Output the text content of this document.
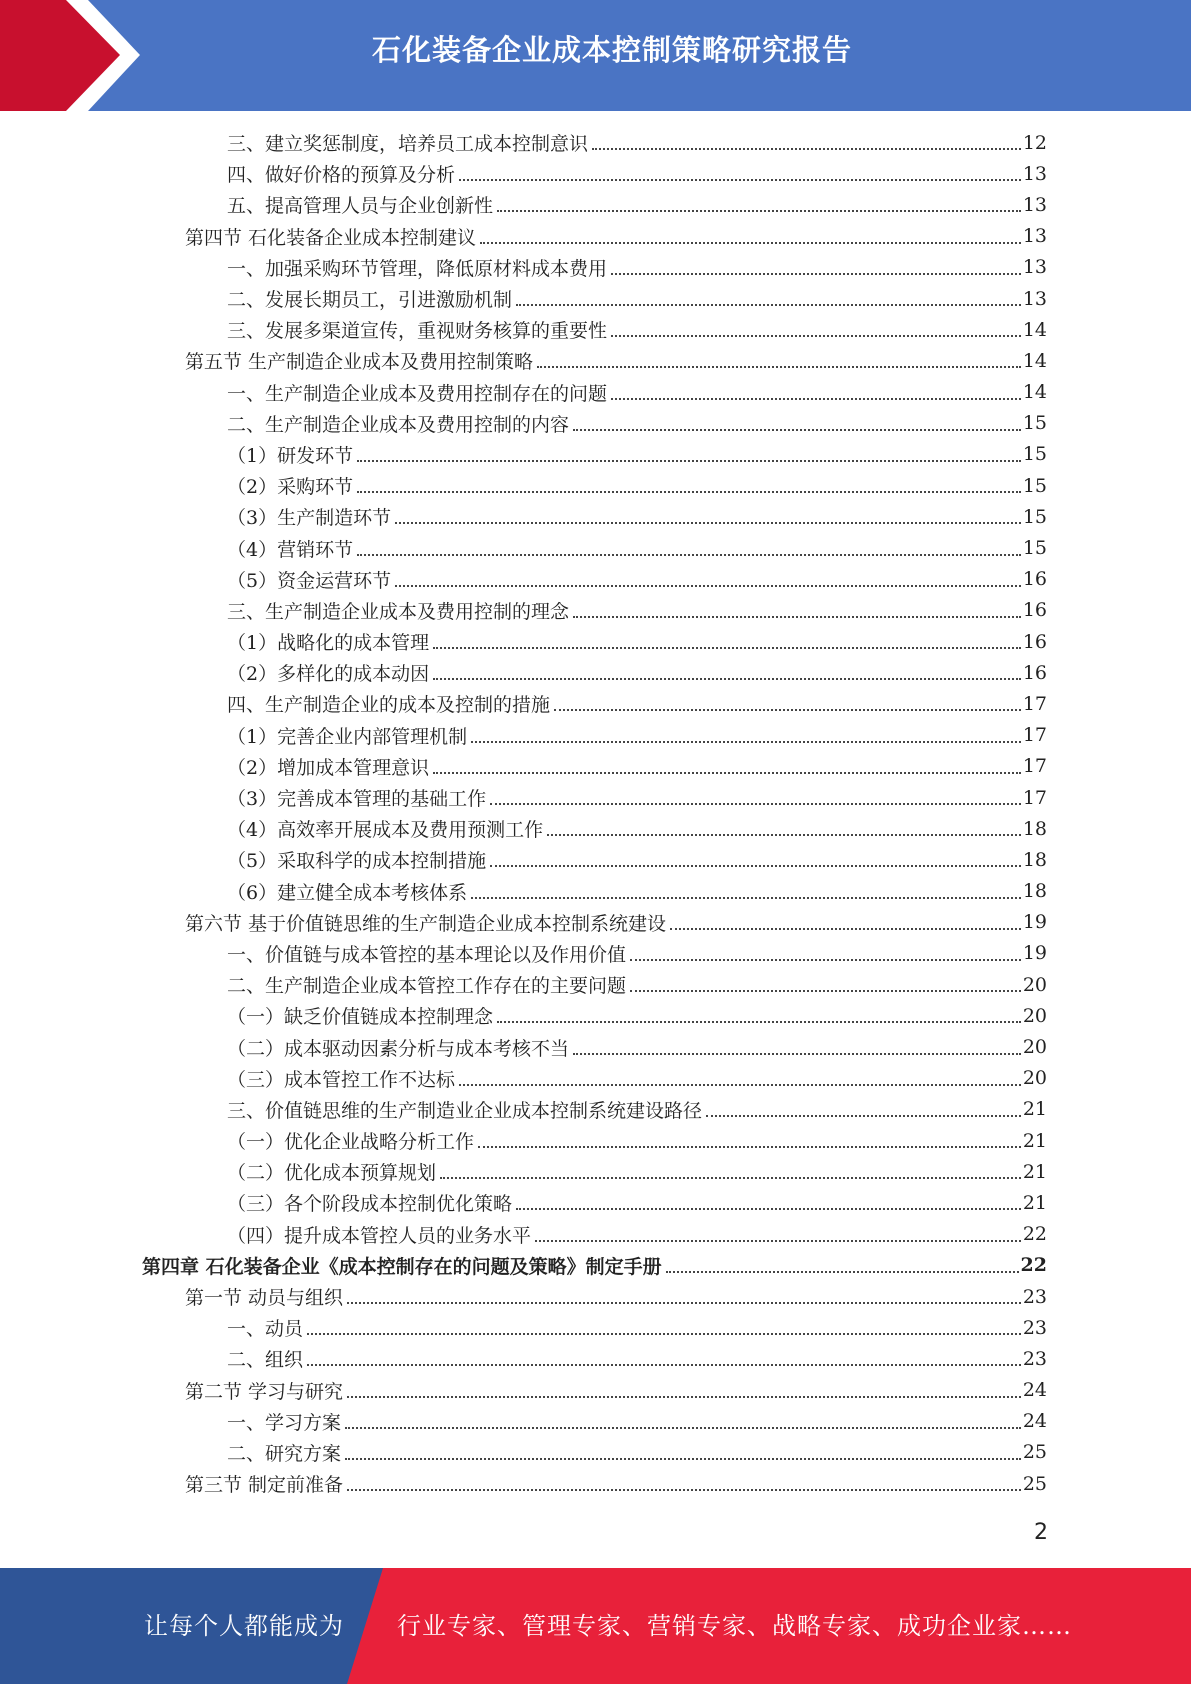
石化装备企业成本控制策略研究报告
三、建立奖惩制度，培养员工成本控制意识	12
四、做好价格的预算及分析	13
五、提高管理人员与企业创新性	13
第四节 石化装备企业成本控制建议	13
一、加强采购环节管理，降低原材料成本费用	13
二、发展长期员工，引进激励机制	13
三、发展多渠道宣传，重视财务核算的重要性	14
第五节 生产制造企业成本及费用控制策略	14
一、生产制造企业成本及费用控制存在的问题	14
二、生产制造企业成本及费用控制的内容	15
（1）研发环节	15
（2）采购环节	15
（3）生产制造环节	15
（4）营销环节	15
（5）资金运营环节	16
三、生产制造企业成本及费用控制的理念	16
（1）战略化的成本管理	16
（2）多样化的成本动因	16
四、生产制造企业的成本及控制的措施	17
（1）完善企业内部管理机制	17
（2）增加成本管理意识	17
（3）完善成本管理的基础工作	17
（4）高效率开展成本及费用预测工作	18
（5）采取科学的成本控制措施	18
（6）建立健全成本考核体系	18
第六节 基于价值链思维的生产制造企业成本控制系统建设	19
一、价值链与成本管控的基本理论以及作用价值	19
二、生产制造企业成本管控工作存在的主要问题	20
（一）缺乏价值链成本控制理念	20
（二）成本驱动因素分析与成本考核不当	20
（三）成本管控工作不达标	20
三、价值链思维的生产制造业企业成本控制系统建设路径	21
（一）优化企业战略分析工作	21
（二）优化成本预算规划	21
（三）各个阶段成本控制优化策略	21
（四）提升成本管控人员的业务水平	22
第四章 石化装备企业《成本控制存在的问题及策略》制定手册	22
第一节 动员与组织	23
一、动员	23
二、组织	23
第二节 学习与研究	24
一、学习方案	24
二、研究方案	25
第三节 制定前准备	25
2
让每个人都能成为 行业专家、管理专家、营销专家、战略专家、成功企业家……
